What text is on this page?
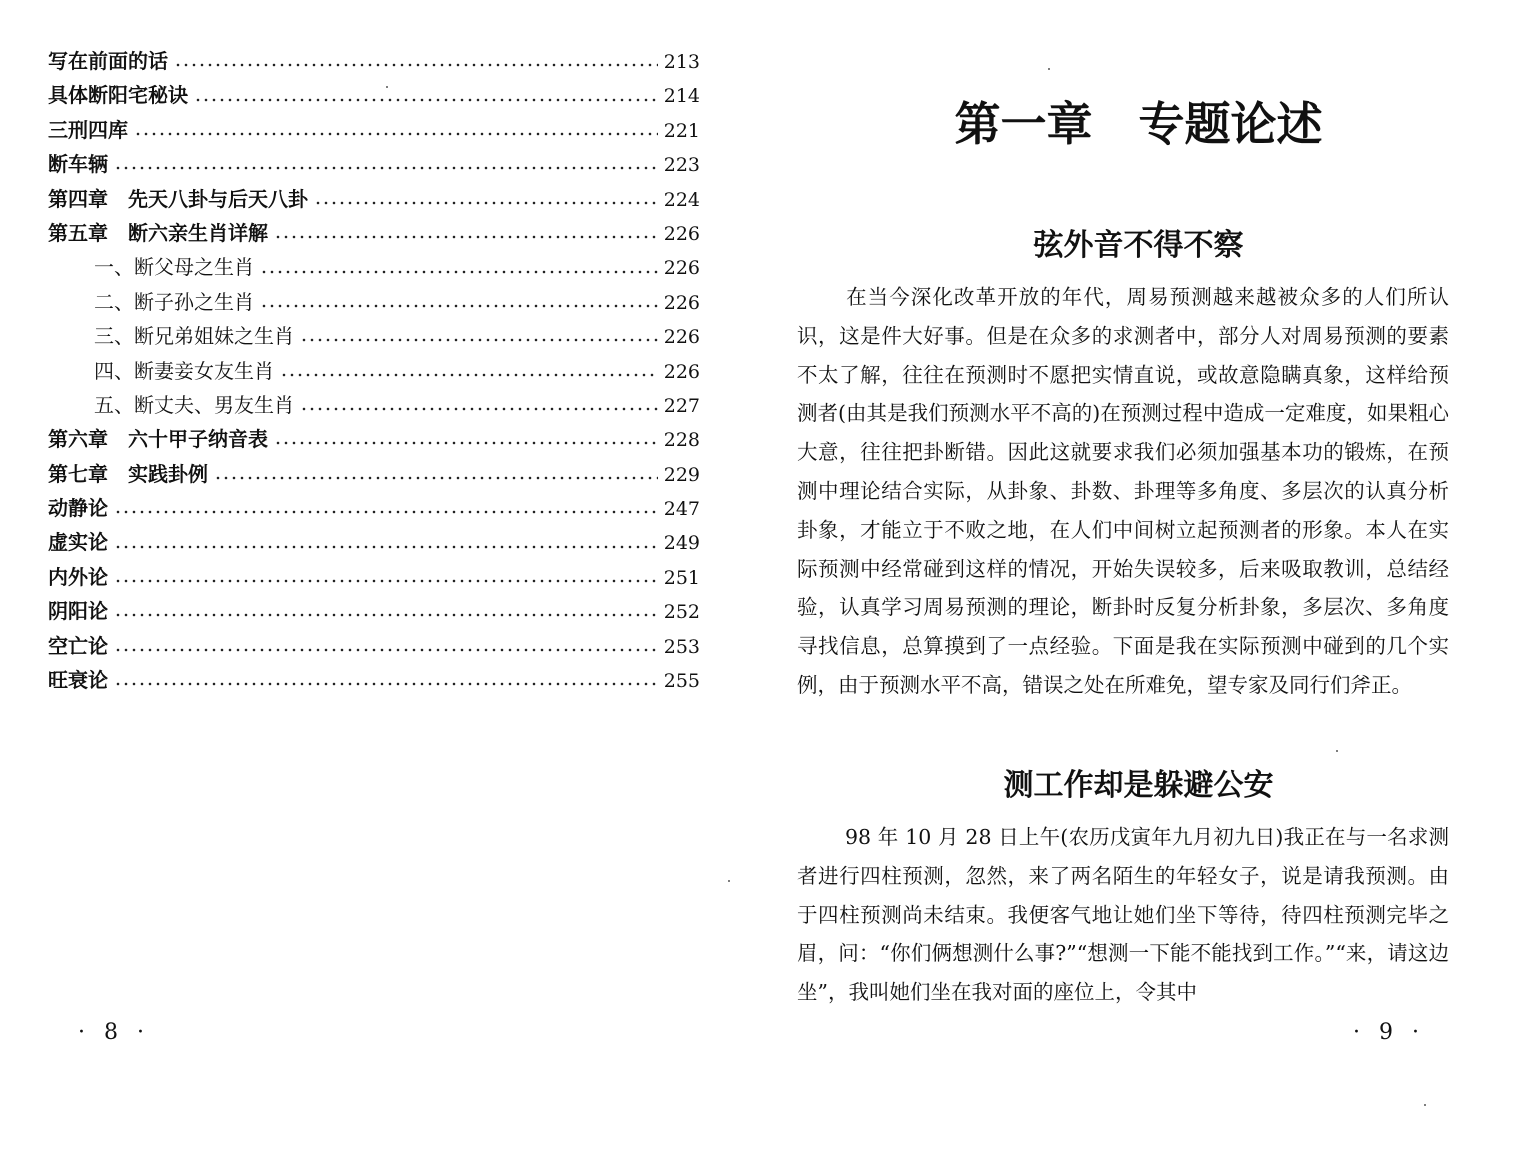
写在前面的话	213
具体断阳宅秘诀	214
三刑四库	221
断车辆	223
第四章　先天八卦与后天八卦	224
第五章　断六亲生肖详解	226
一、断父母之生肖	226
二、断子孙之生肖	226
三、断兄弟姐妹之生肖	226
四、断妻妾女友生肖	226
五、断丈夫、男友生肖	227
第六章　六十甲子纳音表	228
第七章　实践卦例	229
动静论	247
虚实论	249
内外论	251
阴阳论	252
空亡论	253
旺衰论	255
· 8 ·
第一章　专题论述
弦外音不得不察
在当今深化改革开放的年代，周易预测越来越被众多的人们所认识，这是件大好事。但是在众多的求测者中，部分人对周易预测的要素不太了解，往往在预测时不愿把实情直说，或故意隐瞒真象，这样给预测者(由其是我们预测水平不高的)在预测过程中造成一定难度，如果粗心大意，往往把卦断错。因此这就要求我们必须加强基本功的锻炼，在预测中理论结合实际，从卦象、卦数、卦理等多角度、多层次的认真分析卦象，才能立于不败之地，在人们中间树立起预测者的形象。本人在实际预测中经常碰到这样的情况，开始失误较多，后来吸取教训，总结经验，认真学习周易预测的理论，断卦时反复分析卦象，多层次、多角度寻找信息，总算摸到了一点经验。下面是我在实际预测中碰到的几个实例，由于预测水平不高，错误之处在所难免，望专家及同行们斧正。
测工作却是躲避公安
98 年 10 月 28 日上午(农历戊寅年九月初九日)我正在与一名求测者进行四柱预测，忽然，来了两名陌生的年轻女子，说是请我预测。由于四柱预测尚未结束。我便客气地让她们坐下等待，待四柱预测完毕之眉，问：“你们俩想测什么事?”“想测一下能不能找到工作。”“来，请这边坐”，我叫她们坐在我对面的座位上，令其中
· 9 ·
